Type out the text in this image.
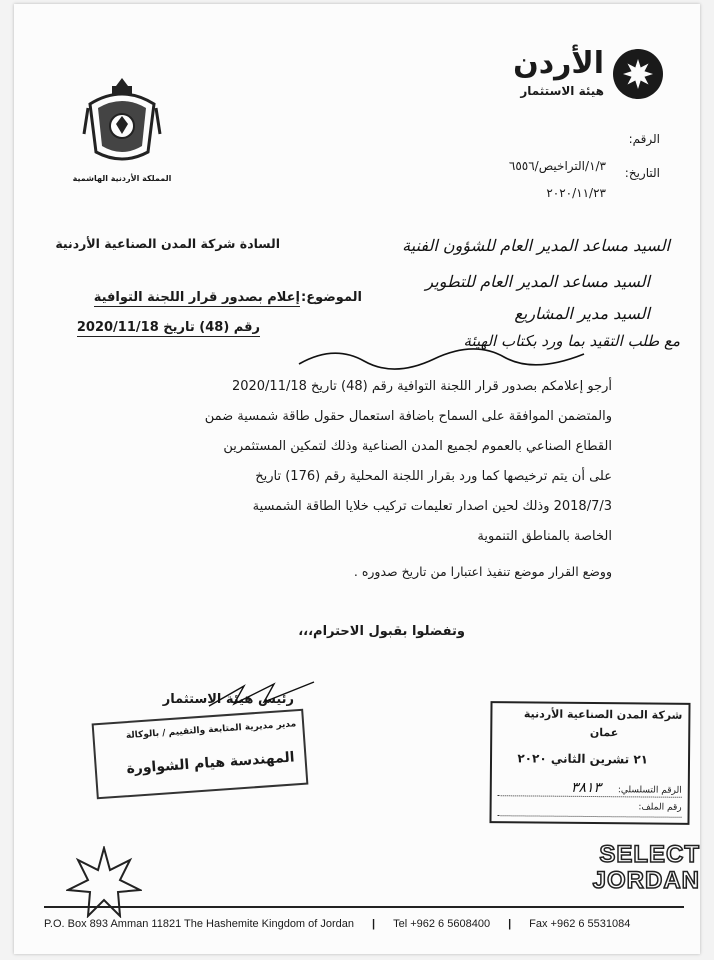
الأردن
هيئة الاستثمار
المملكة الأردنية الهاشمية
الرقم:
التاريخ:
١/٣/التراخيص/٦٥٥٦
٢٠٢٠/١١/٢٣
السادة شركة المدن الصناعية الأردنية	السيد مساعد المدير العام للشؤون الفنية
السيد مساعد المدير العام للتطوير
السيد مدير المشاريع
الموضوع:
إعلام بصدور قرار اللجنة التوافية
رقم (48) تاريخ 2020/11/18
مع طلب التقيد بما ورد بكتاب الهيئة
أرجو إعلامكم بصدور قرار اللجنة التوافية رقم (48) تاريخ 2020/11/18
والمتضمن الموافقة على السماح باضافة استعمال حقول طاقة شمسية ضمن
القطاع الصناعي بالعموم لجميع المدن الصناعية وذلك لتمكين المستثمرين
على أن يتم ترخيصها كما ورد بقرار اللجنة المحلية رقم (176) تاريخ
2018/7/3 وذلك لحين اصدار تعليمات تركيب خلايا الطاقة الشمسية
الخاصة بالمناطق التنموية
ووضع القرار موضع تنفيذ اعتبارا من تاريخ صدوره .
وتفضلوا بقبول الاحترام،،،
رئيس هيئة الاستثمار
مدير مديرية المتابعة والتقييم / بالوكالة
المهندسة هيام الشواورة
شركة المدن الصناعية الأردنية
عمان
٢١ تشرين الثاني ٢٠٢٠
الرقم التسلسلي: ٣٨١٣
رقم الملف:
SELECT
JORDAN
P.O. Box 893 Amman 11821 The Hashemite Kingdom of Jordan | Tel +962 6 5608400 | Fax +962 6 5531084
